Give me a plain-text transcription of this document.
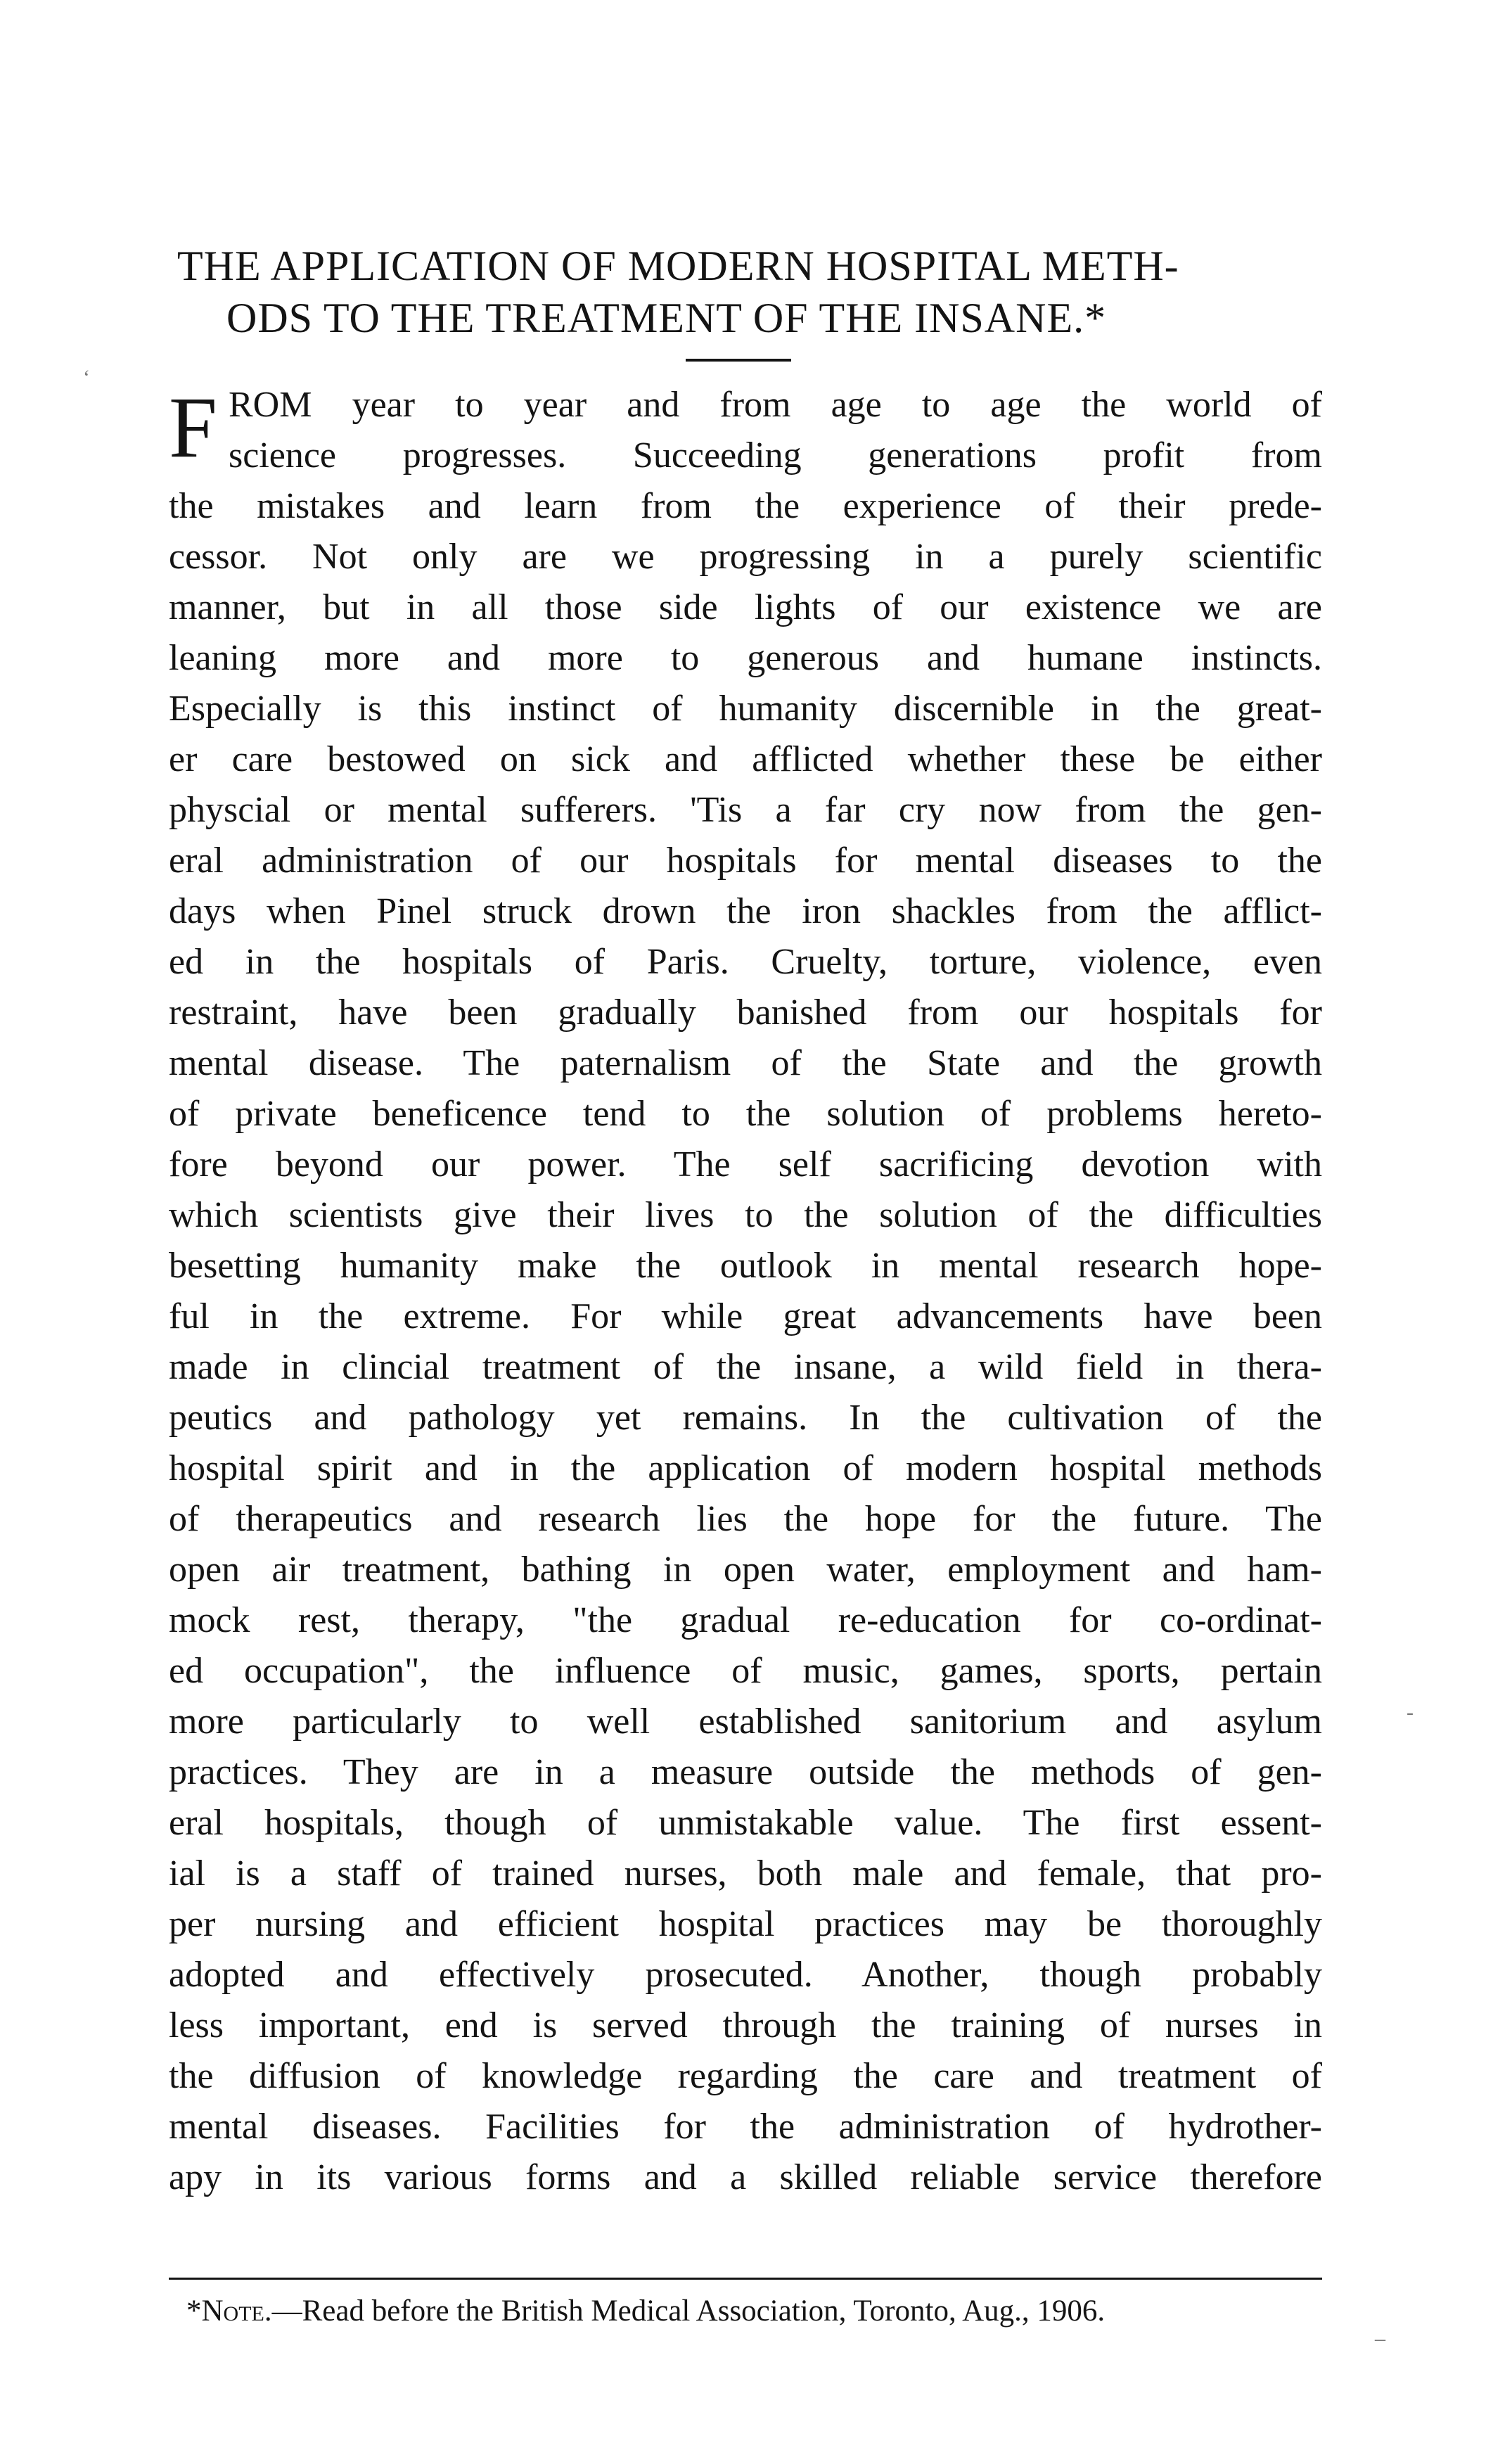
THE APPLICATION OF MODERN HOSPITAL METH-
ODS TO THE TREATMENT OF THE INSANE.*
‘
F ROM year to year and from age to age the world of
science progresses. Succeeding generations profit from
the mistakes and learn from the experience of their prede-
cessor. Not only are we progressing in a purely scientific
manner, but in all those side lights of our existence we are
leaning more and more to generous and humane instincts.
Especially is this instinct of humanity discernible in the great-
er care bestowed on sick and afflicted whether these be either
physcial or mental sufferers. 'Tis a far cry now from the gen-
eral administration of our hospitals for mental diseases to the
days when Pinel struck drown the iron shackles from the afflict-
ed in the hospitals of Paris. Cruelty, torture, violence, even
restraint, have been gradually banished from our hospitals for
mental disease. The paternalism of the State and the growth
of private beneficence tend to the solution of problems hereto-
fore beyond our power. The self sacrificing devotion with
which scientists give their lives to the solution of the difficulties
besetting humanity make the outlook in mental research hope-
ful in the extreme. For while great advancements have been
made in clincial treatment of the insane, a wild field in thera-
peutics and pathology yet remains. In the cultivation of the
hospital spirit and in the application of modern hospital methods
of therapeutics and research lies the hope for the future. The
open air treatment, bathing in open water, employment and ham-
mock rest, therapy, "the gradual re-education for co-ordinat-
ed occupation", the influence of music, games, sports, pertain
more particularly to well established sanitorium and asylum
practices. They are in a measure outside the methods of gen-
eral hospitals, though of unmistakable value. The first essent-
ial is a staff of trained nurses, both male and female, that pro-
per nursing and efficient hospital practices may be thoroughly
adopted and effectively prosecuted. Another, though probably
less important, end is served through the training of nurses in
the diffusion of knowledge regarding the care and treatment of
mental diseases. Facilities for the administration of hydrother-
apy in its various forms and a skilled reliable service therefore
*Note.—Read before the British Medical Association, Toronto, Aug., 1906.
-
_
